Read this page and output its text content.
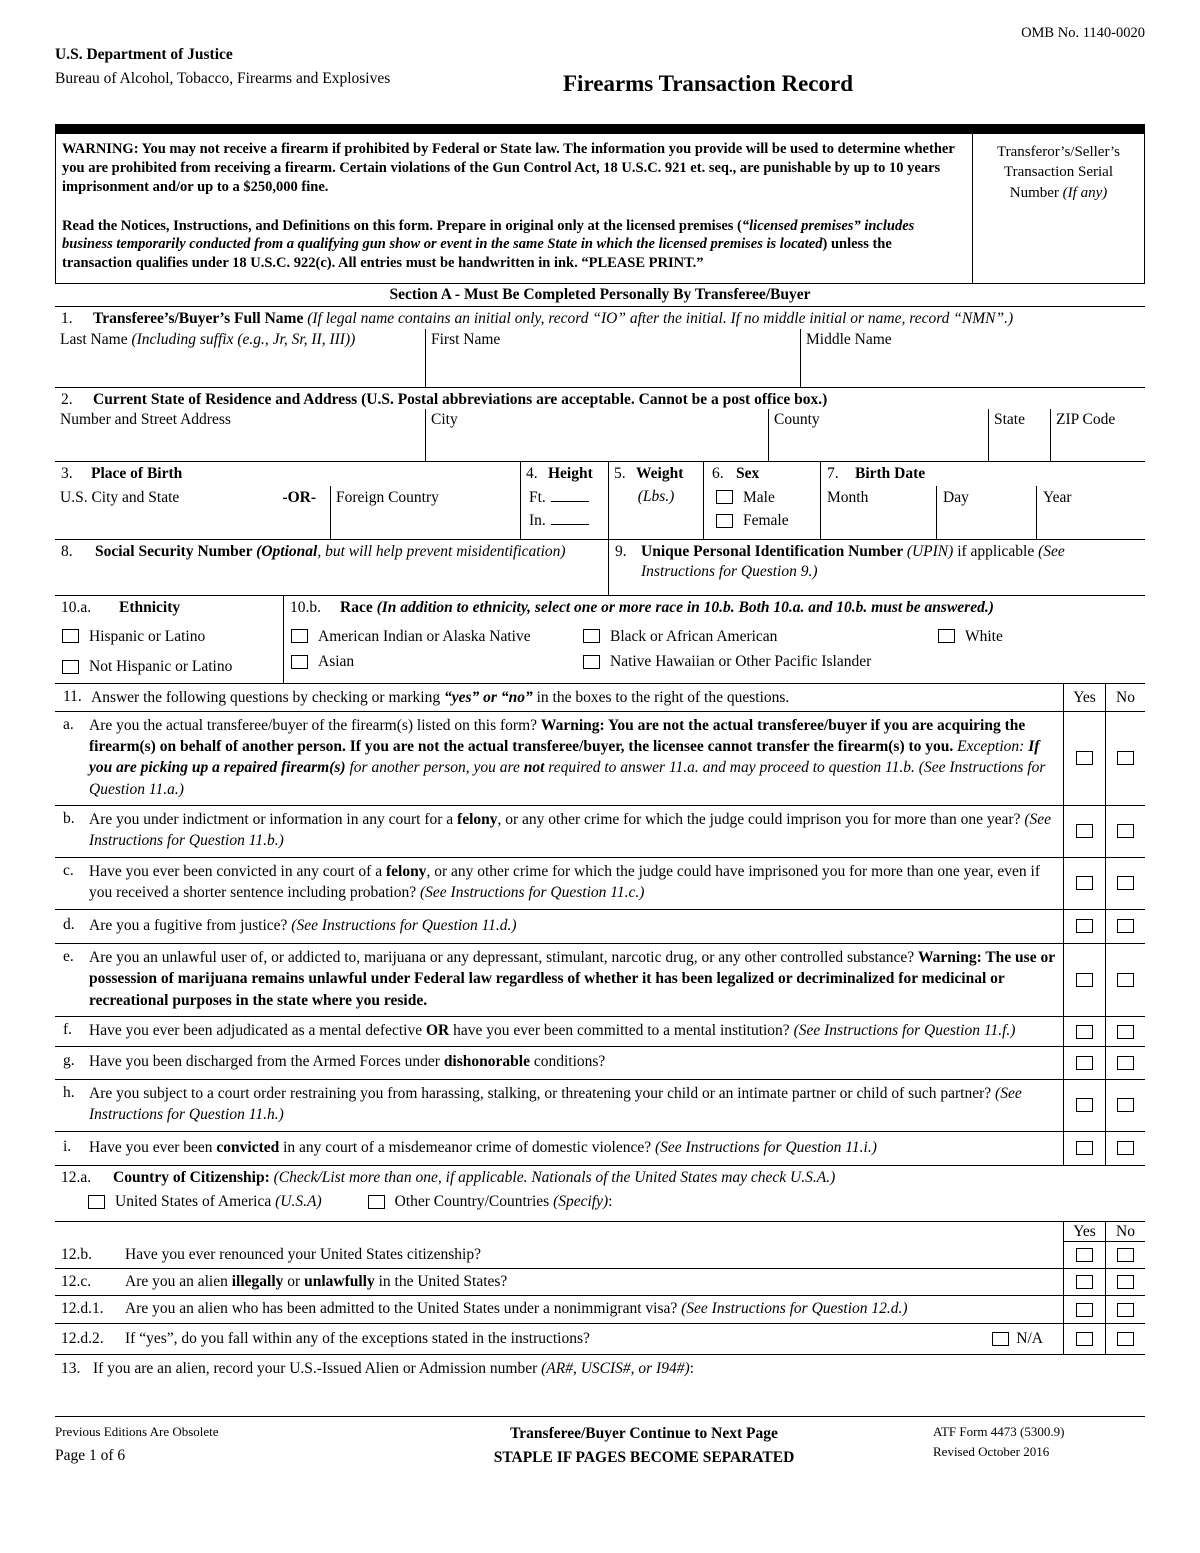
OMB No. 1140-0020
U.S. Department of Justice
Bureau of Alcohol, Tobacco, Firearms and Explosives	Firearms Transaction Record

WARNING: You may not receive a firearm if prohibited by Federal or State law. The information you provide will be used to determine whether you are prohibited from receiving a firearm. Certain violations of the Gun Control Act, 18 U.S.C. 921 et. seq., are punishable by up to 10 years imprisonment and/or up to a $250,000 fine.

Read the Notices, Instructions, and Definitions on this form. Prepare in original only at the licensed premises (“licensed premises” includes business temporarily conducted from a qualifying gun show or event in the same State in which the licensed premises is located) unless the transaction qualifies under 18 U.S.C. 922(c). All entries must be handwritten in ink. “PLEASE PRINT.”

Transferor’s/Seller’s Transaction Serial Number (If any)
Section A - Must Be Completed Personally By Transferee/Buyer
1.	Transferee’s/Buyer’s Full Name (If legal name contains an initial only, record “IO” after the initial. If no middle initial or name, record “NMN”.)
Last Name (Including suffix (e.g., Jr, Sr, II, III))	First Name	Middle Name
2.	Current State of Residence and Address (U.S. Postal abbreviations are acceptable. Cannot be a post office box.)
Number and Street Address	City	County	State	ZIP Code
3.	Place of Birth
U.S. City and State	-OR-	Foreign Country
4. Height
Ft.
In.
5. Weight
(Lbs.)
6. Sex
Male
Female
7.	Birth Date
Month	Day	Year
8.	Social Security Number (Optional, but will help prevent misidentification)	9. Unique Personal Identification Number (UPIN) if applicable (See Instructions for Question 9.)
10.a.	Ethnicity
Hispanic or Latino
Not Hispanic or Latino
10.b.	Race (In addition to ethnicity, select one or more race in 10.b. Both 10.a. and 10.b. must be answered.)
American Indian or Alaska Native
Asian
Black or African American
Native Hawaiian or Other Pacific Islander
White
11. Answer the following questions by checking or marking “yes” or “no” in the boxes to the right of the questions.	Yes	No
a. Are you the actual transferee/buyer of the firearm(s) listed on this form? Warning: You are not the actual transferee/buyer if you are acquiring the firearm(s) on behalf of another person. If you are not the actual transferee/buyer, the licensee cannot transfer the firearm(s) to you. Exception: If you are picking up a repaired firearm(s) for another person, you are not required to answer 11.a. and may proceed to question 11.b. (See Instructions for Question 11.a.)
b. Are you under indictment or information in any court for a felony, or any other crime for which the judge could imprison you for more than one year? (See Instructions for Question 11.b.)
c. Have you ever been convicted in any court of a felony, or any other crime for which the judge could have imprisoned you for more than one year, even if you received a shorter sentence including probation? (See Instructions for Question 11.c.)
d. Are you a fugitive from justice? (See Instructions for Question 11.d.)
e. Are you an unlawful user of, or addicted to, marijuana or any depressant, stimulant, narcotic drug, or any other controlled substance? Warning: The use or possession of marijuana remains unlawful under Federal law regardless of whether it has been legalized or decriminalized for medicinal or recreational purposes in the state where you reside.
f.	Have you ever been adjudicated as a mental defective OR have you ever been committed to a mental institution? (See Instructions for Question 11.f.)
g. Have you been discharged from the Armed Forces under dishonorable conditions?
h. Are you subject to a court order restraining you from harassing, stalking, or threatening your child or an intimate partner or child of such partner? (See Instructions for Question 11.h.)
i.	Have you ever been convicted in any court of a misdemeanor crime of domestic violence? (See Instructions for Question 11.i.)
12.a.	Country of Citizenship: (Check/List more than one, if applicable. Nationals of the United States may check U.S.A.)
United States of America (U.S.A)	Other Country/Countries (Specify):
Yes	No
12.b.	Have you ever renounced your United States citizenship?
12.c.	Are you an alien illegally or unlawfully in the United States?
12.d.1.	Are you an alien who has been admitted to the United States under a nonimmigrant visa? (See Instructions for Question 12.d.)
12.d.2.	If “yes”, do you fall within any of the exceptions stated in the instructions?	N/A
13. If you are an alien, record your U.S.-Issued Alien or Admission number (AR#, USCIS#, or I94#):
Previous Editions Are Obsolete
Page 1 of 6
Transferee/Buyer Continue to Next Page
STAPLE IF PAGES BECOME SEPARATED
ATF Form 4473 (5300.9)
Revised October 2016
